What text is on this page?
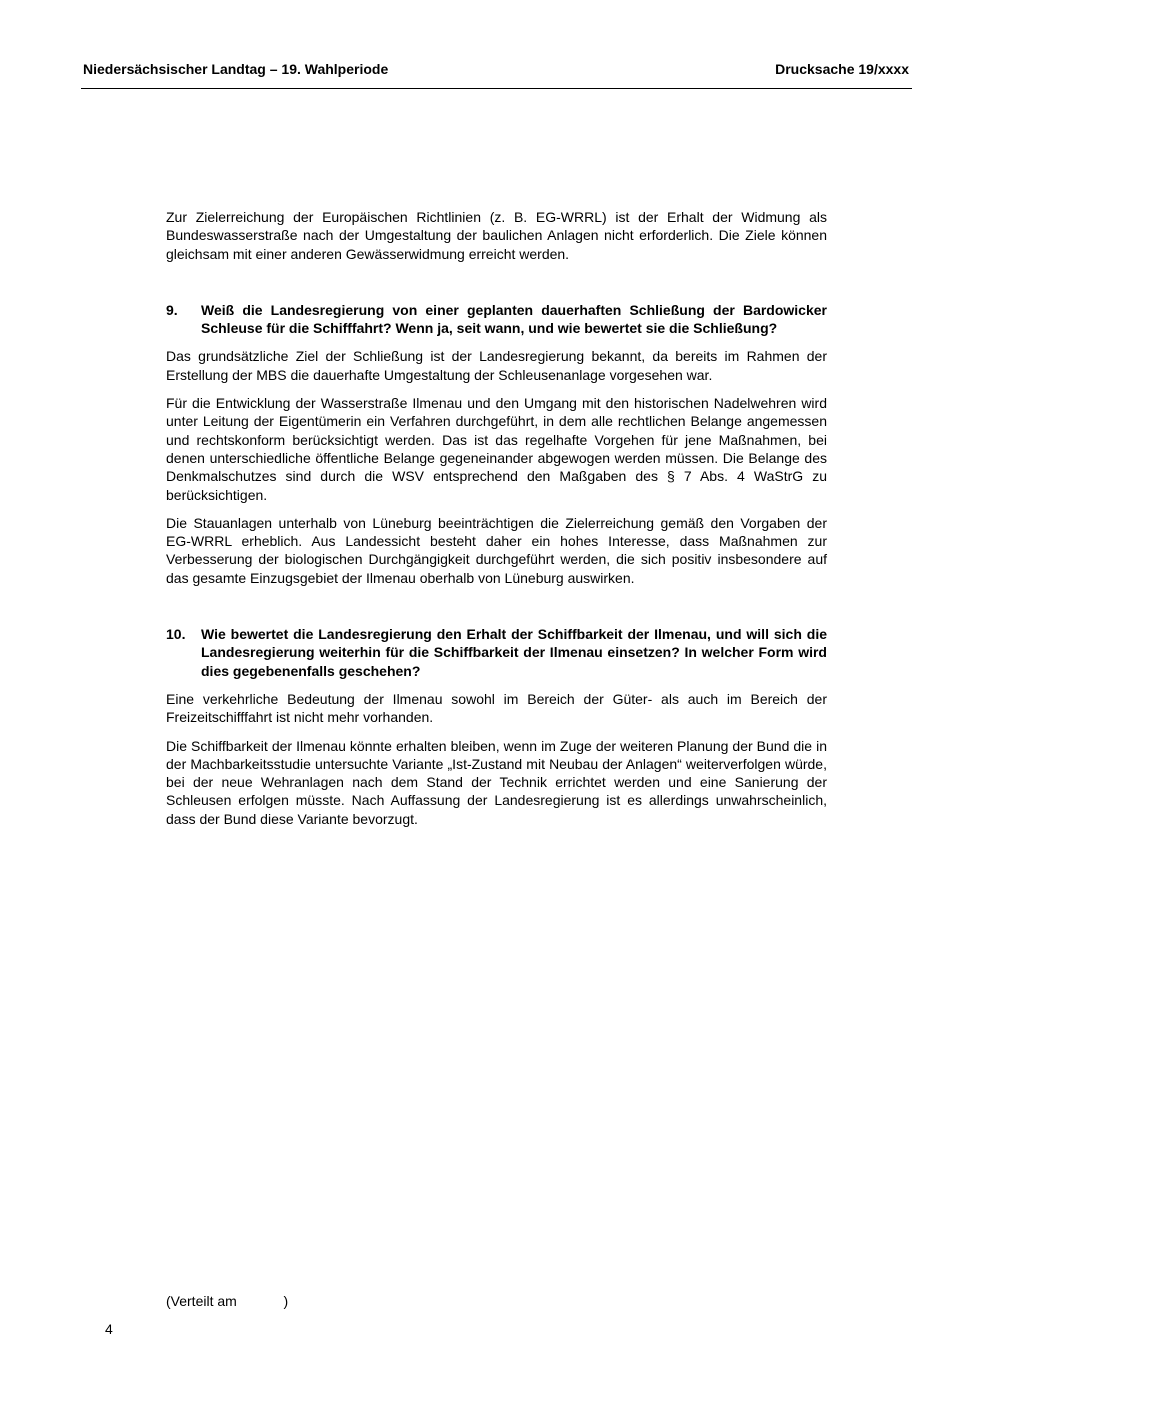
Niedersächsischer Landtag – 19. Wahlperiode	Drucksache 19/xxxx

Zur Zielerreichung der Europäischen Richtlinien (z. B. EG-WRRL) ist der Erhalt der Widmung als Bundeswasserstraße nach der Umgestaltung der baulichen Anlagen nicht erforderlich. Die Ziele können gleichsam mit einer anderen Gewässerwidmung erreicht werden.

9. Weiß die Landesregierung von einer geplanten dauerhaften Schließung der Bardowicker Schleuse für die Schifffahrt? Wenn ja, seit wann, und wie bewertet sie die Schließung?

Das grundsätzliche Ziel der Schließung ist der Landesregierung bekannt, da bereits im Rahmen der Erstellung der MBS die dauerhafte Umgestaltung der Schleusenanlage vorgesehen war.

Für die Entwicklung der Wasserstraße Ilmenau und den Umgang mit den historischen Nadelwehren wird unter Leitung der Eigentümerin ein Verfahren durchgeführt, in dem alle rechtlichen Belange angemessen und rechtskonform berücksichtigt werden. Das ist das regelhafte Vorgehen für jene Maßnahmen, bei denen unterschiedliche öffentliche Belange gegeneinander abgewogen werden müssen. Die Belange des Denkmalschutzes sind durch die WSV entsprechend den Maßgaben des § 7 Abs. 4 WaStrG zu berücksichtigen.

Die Stauanlagen unterhalb von Lüneburg beeinträchtigen die Zielerreichung gemäß den Vorgaben der EG-WRRL erheblich. Aus Landessicht besteht daher ein hohes Interesse, dass Maßnahmen zur Verbesserung der biologischen Durchgängigkeit durchgeführt werden, die sich positiv insbesondere auf das gesamte Einzugsgebiet der Ilmenau oberhalb von Lüneburg auswirken.

10. Wie bewertet die Landesregierung den Erhalt der Schiffbarkeit der Ilmenau, und will sich die Landesregierung weiterhin für die Schiffbarkeit der Ilmenau einsetzen? In welcher Form wird dies gegebenenfalls geschehen?

Eine verkehrliche Bedeutung der Ilmenau sowohl im Bereich der Güter- als auch im Bereich der Freizeitschifffahrt ist nicht mehr vorhanden.

Die Schiffbarkeit der Ilmenau könnte erhalten bleiben, wenn im Zuge der weiteren Planung der Bund die in der Machbarkeitsstudie untersuchte Variante „Ist-Zustand mit Neubau der Anlagen“ weiterverfolgen würde, bei der neue Wehranlagen nach dem Stand der Technik errichtet werden und eine Sanierung der Schleusen erfolgen müsste. Nach Auffassung der Landesregierung ist es allerdings unwahrscheinlich, dass der Bund diese Variante bevorzugt.

(Verteilt am            )
4
